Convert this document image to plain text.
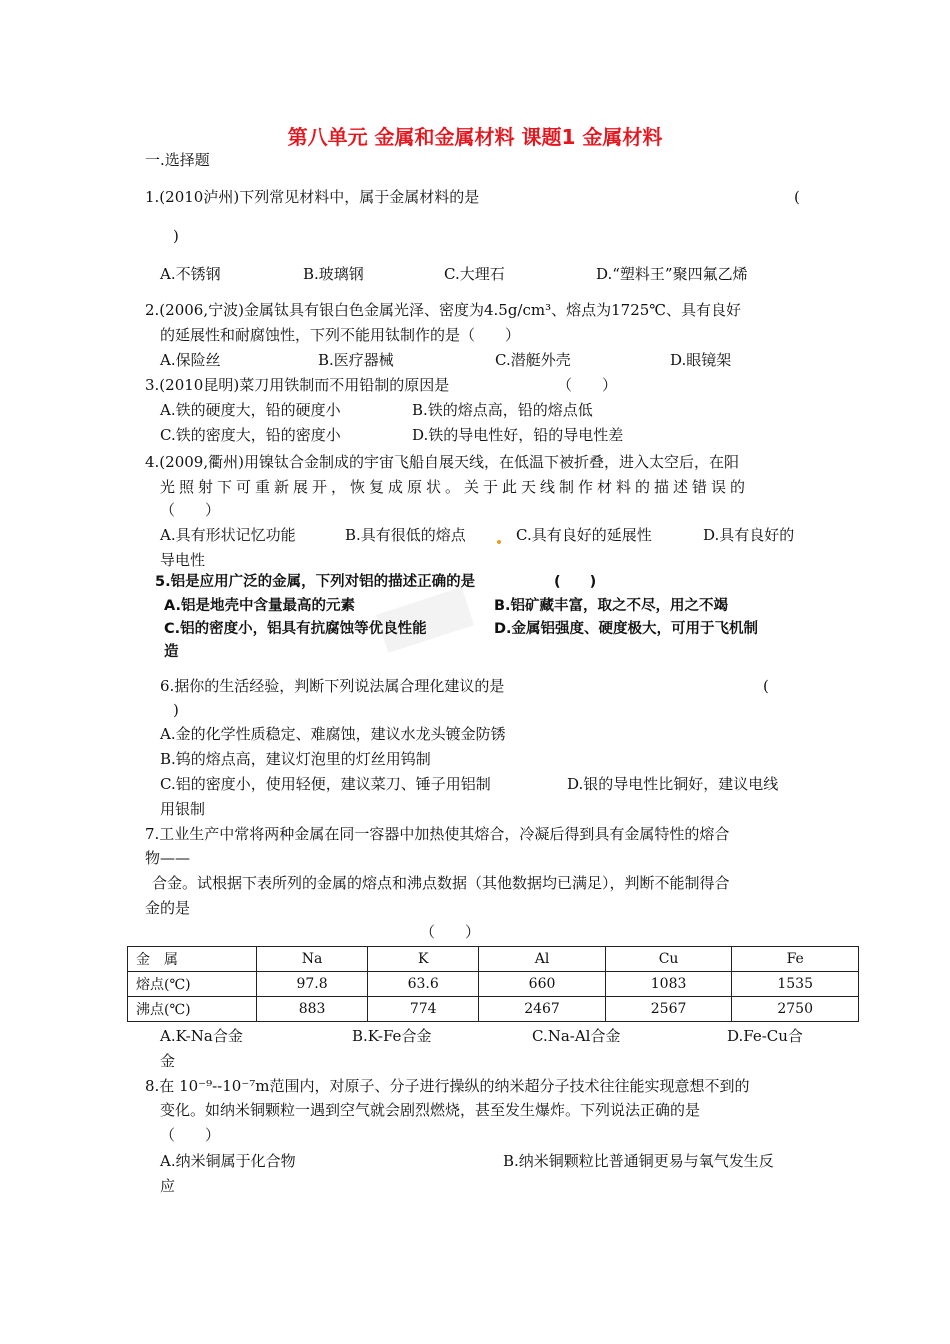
第八单元 金属和金属材料 课题1 金属材料
一.选择题
1.(2010泸州)下列常见材料中，属于金属材料的是	(
)
A.不锈钢	B.玻璃钢	C.大理石	D.“塑料王”聚四氟乙烯
2.(2006,宁波)金属钛具有银白色金属光泽、密度为4.5g/cm³、熔点为1725℃、具有良好
的延展性和耐腐蚀性，下列不能用钛制作的是（　　）
A.保险丝	B.医疗器械	C.潜艇外壳	D.眼镜架
3.(2010昆明)菜刀用铁制而不用铅制的原因是	（　　）
A.铁的硬度大，铅的硬度小	B.铁的熔点高，铅的熔点低
C.铁的密度大，铅的密度小	D.铁的导电性好，铅的导电性差
4.(2009,衢州)用镍钛合金制成的宇宙飞船自展天线，在低温下被折叠，进入太空后，在阳
光照射下可重新展开，恢复成原状。关于此天线制作材料的描述错误的
（　　）
A.具有形状记忆功能	B.具有很低的熔点	C.具有良好的延展性	D.具有良好的
导电性
5.铝是应用广泛的金属，下列对铝的描述正确的是	(　　)
A.铝是地壳中含量最高的元素	B.铝矿藏丰富，取之不尽，用之不竭
C.铝的密度小，铝具有抗腐蚀等优良性能	D.金属铝强度、硬度极大，可用于飞机制
造
6.据你的生活经验，判断下列说法属合理化建议的是	(
)
A.金的化学性质稳定、难腐蚀，建议水龙头镀金防锈
B.钨的熔点高，建议灯泡里的灯丝用钨制
C.铝的密度小，使用轻便，建议菜刀、锤子用铝制	D.银的导电性比铜好，建议电线
用银制
7.工业生产中常将两种金属在同一容器中加热使其熔合，冷凝后得到具有金属特性的熔合
物——
合金。试根据下表所列的金属的熔点和沸点数据（其他数据均已满足），判断不能制得合
金的是
（　　）
金　属	Na	K	Al	Cu	Fe
熔点(℃)	97.8	63.6	660	1083	1535
沸点(℃)	883	774	2467	2567	2750
A.K-Na合金	B.K-Fe合金	C.Na-Al合金	D.Fe-Cu合
金
8.在 10⁻⁹--10⁻⁷m范围内，对原子、分子进行操纵的纳米超分子技术往往能实现意想不到的
变化。如纳米铜颗粒一遇到空气就会剧烈燃烧，甚至发生爆炸。下列说法正确的是
（　　）
A.纳米铜属于化合物	B.纳米铜颗粒比普通铜更易与氧气发生反
应
